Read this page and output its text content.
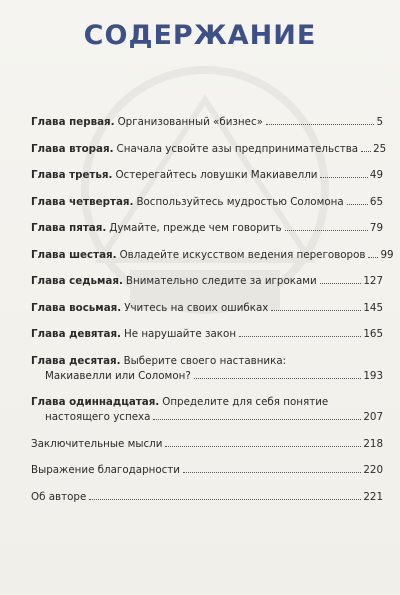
СОДЕРЖАНИЕ
Глава первая. Организованный «бизнес»	5
Глава вторая. Сначала усвойте азы предпринимательства 25
Глава третья. Остерегайтесь ловушки Макиавелли	49
Глава четвертая. Воспользуйтесь мудростью Соломона	65
Глава пятая. Думайте, прежде чем говорить	79
Глава шестая. Овладейте искусством ведения переговоров 99
Глава седьмая. Внимательно следите за игроками	127
Глава восьмая. Учитесь на своих ошибках	145
Глава девятая. Не нарушайте закон	165
Глава десятая. Выберите своего наставника:
Макиавелли или Соломон?	193
Глава одиннадцатая. Определите для себя понятие
настоящего успеха	207
Заключительные мысли	218
Выражение благодарности	220
Об авторе	221
